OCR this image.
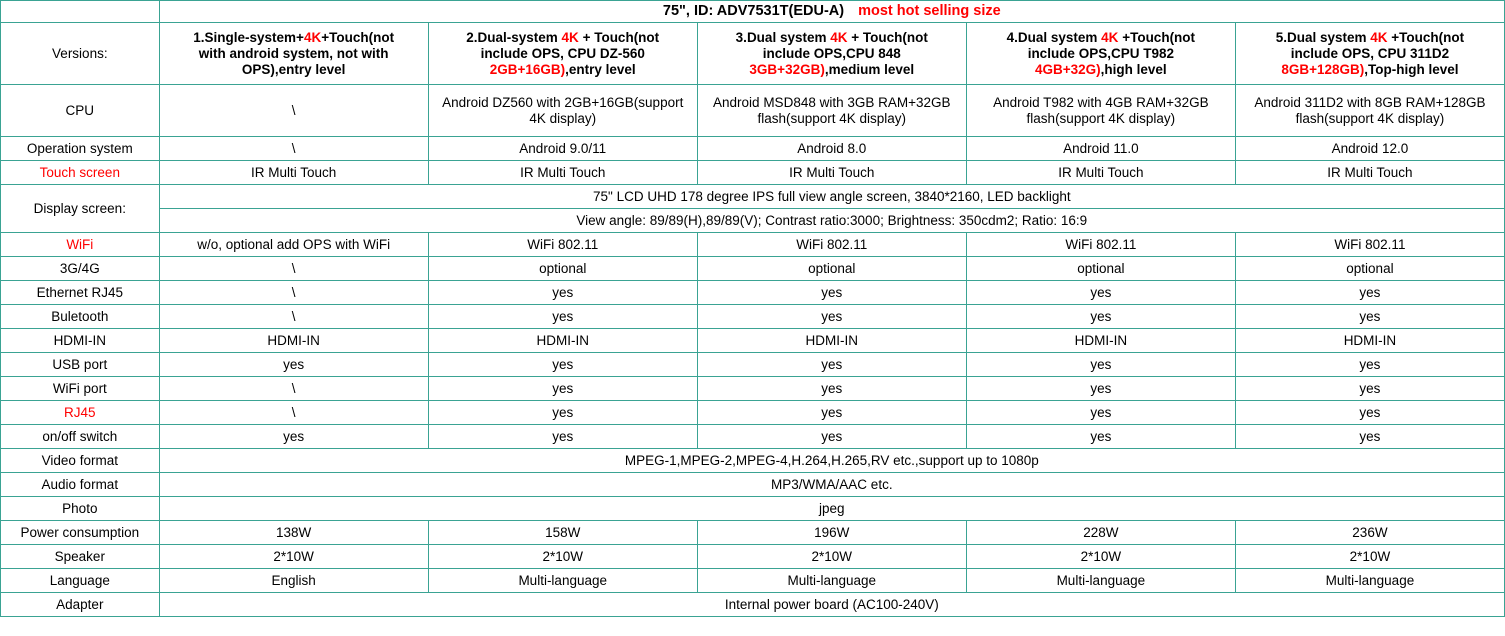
	75", ID: ADV7531T(EDU-A) most hot selling size				
Versions:	1.Single-system+4K+Touch(not
with android system, not with
OPS),entry level	2.Dual-system 4K + Touch(not
include OPS, CPU DZ-560
2GB+16GB),entry level	3.Dual system 4K + Touch(not
include OPS,CPU 848
3GB+32GB),medium level	4.Dual system 4K +Touch(not
include OPS,CPU T982
4GB+32G),high level	5.Dual system 4K +Touch(not
include OPS, CPU 311D2
8GB+128GB),Top-high level
CPU	\	Android DZ560 with 2GB+16GB(support 4K display)	Android MSD848 with 3GB RAM+32GB flash(support 4K display)	Android T982 with 4GB RAM+32GB flash(support 4K display)	Android 311D2 with 8GB RAM+128GB flash(support 4K display)
Operation system	\	Android 9.0/11	Android 8.0	Android 11.0	Android 12.0
Touch screen	IR Multi Touch	IR Multi Touch	IR Multi Touch	IR Multi Touch	IR Multi Touch
Display screen:	75" LCD UHD 178 degree IPS full view angle screen, 3840*2160, LED backlight				
	View angle: 89/89(H),89/89(V); Contrast ratio:3000; Brightness: 350cdm2; Ratio: 16:9				
WiFi	w/o, optional add OPS with WiFi	WiFi 802.11	WiFi 802.11	WiFi 802.11	WiFi 802.11
3G/4G	\	optional	optional	optional	optional
Ethernet RJ45	\	yes	yes	yes	yes
Buletooth	\	yes	yes	yes	yes
HDMI-IN	HDMI-IN	HDMI-IN	HDMI-IN	HDMI-IN	HDMI-IN
USB port	yes	yes	yes	yes	yes
WiFi port	\	yes	yes	yes	yes
RJ45	\	yes	yes	yes	yes
on/off switch	yes	yes	yes	yes	yes
Video format	MPEG-1,MPEG-2,MPEG-4,H.264,H.265,RV etc.,support up to 1080p				
Audio format	MP3/WMA/AAC etc.				
Photo	jpeg				
Power consumption	138W	158W	196W	228W	236W
Speaker	2*10W	2*10W	2*10W	2*10W	2*10W
Language	English	Multi-language	Multi-language	Multi-language	Multi-language
Adapter	Internal power board (AC100-240V)				
